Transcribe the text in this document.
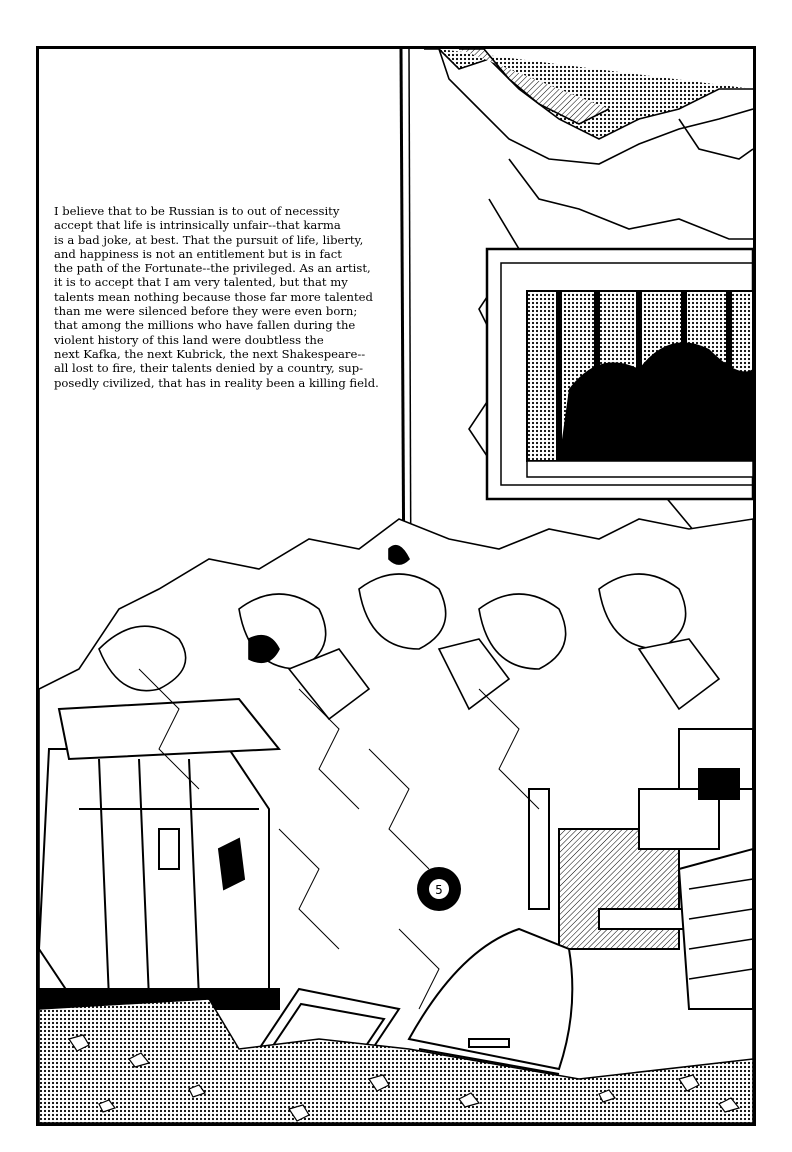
5

I believe that to be Russian is to out of necessity
accept that life is intrinsically unfair--that karma
is a bad joke, at best. That the pursuit of life, liberty,
and happiness is not an entitlement but is in fact
the path of the Fortunate--the privileged. As an artist,
it is to accept that I am very talented, but that my
talents mean nothing because those far more talented
than me were silenced before they were even born;
that among the millions who have fallen during the
violent history of this land were doubtless the
next Kafka, the next Kubrick, the next Shakespeare--
all lost to fire, their talents denied by a country, sup-
posedly civilized, that has in reality been a killing field.
